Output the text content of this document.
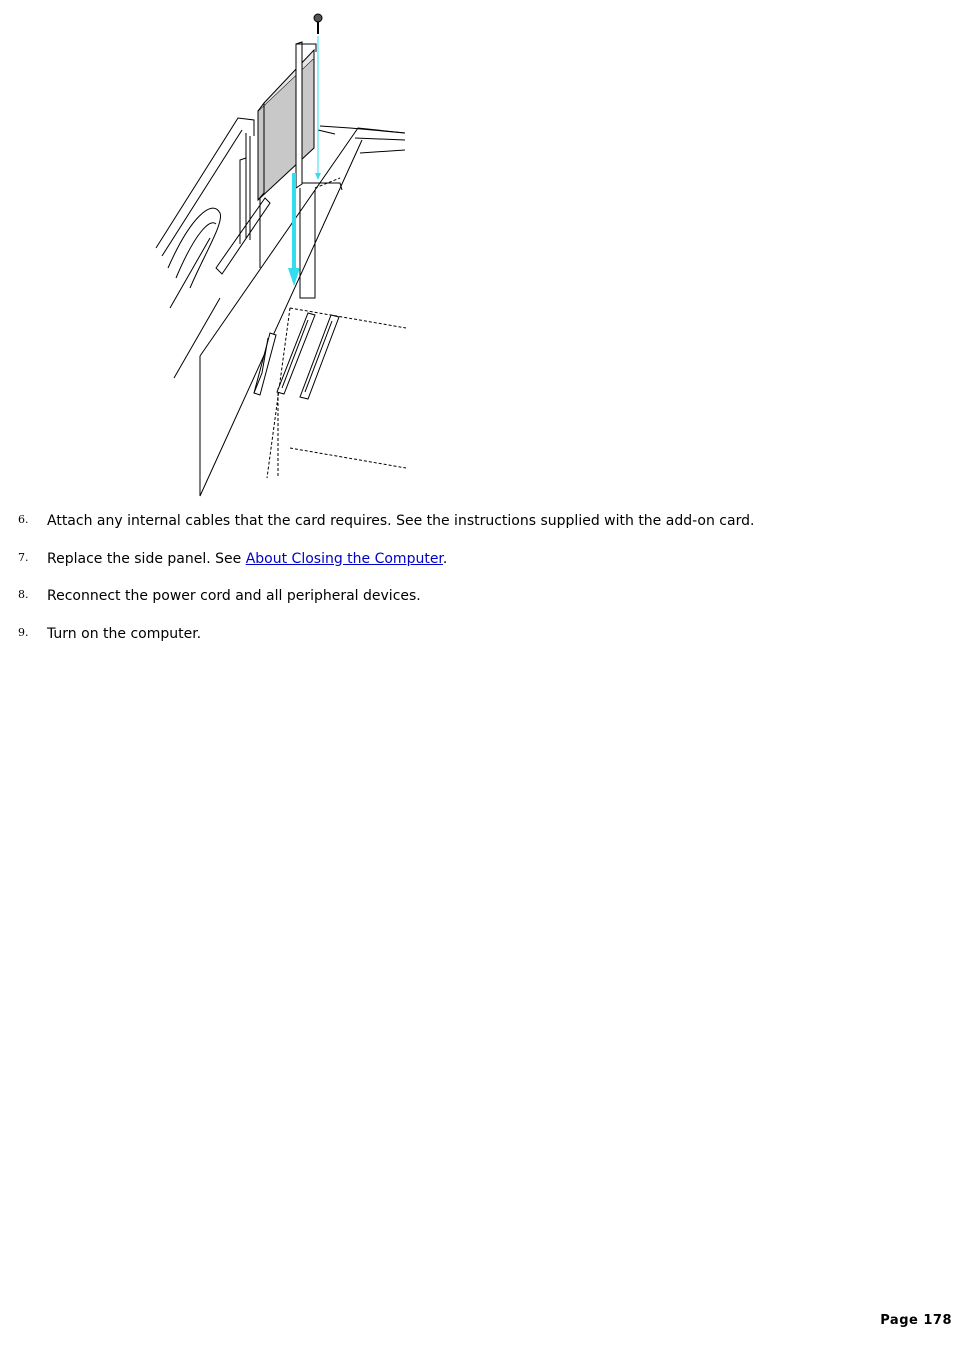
6. Attach any internal cables that the card requires. See the instructions supplied with the add-on card.
7. Replace the side panel. See About Closing the Computer.
8. Reconnect the power cord and all peripheral devices.
9. Turn on the computer.
Page 178
